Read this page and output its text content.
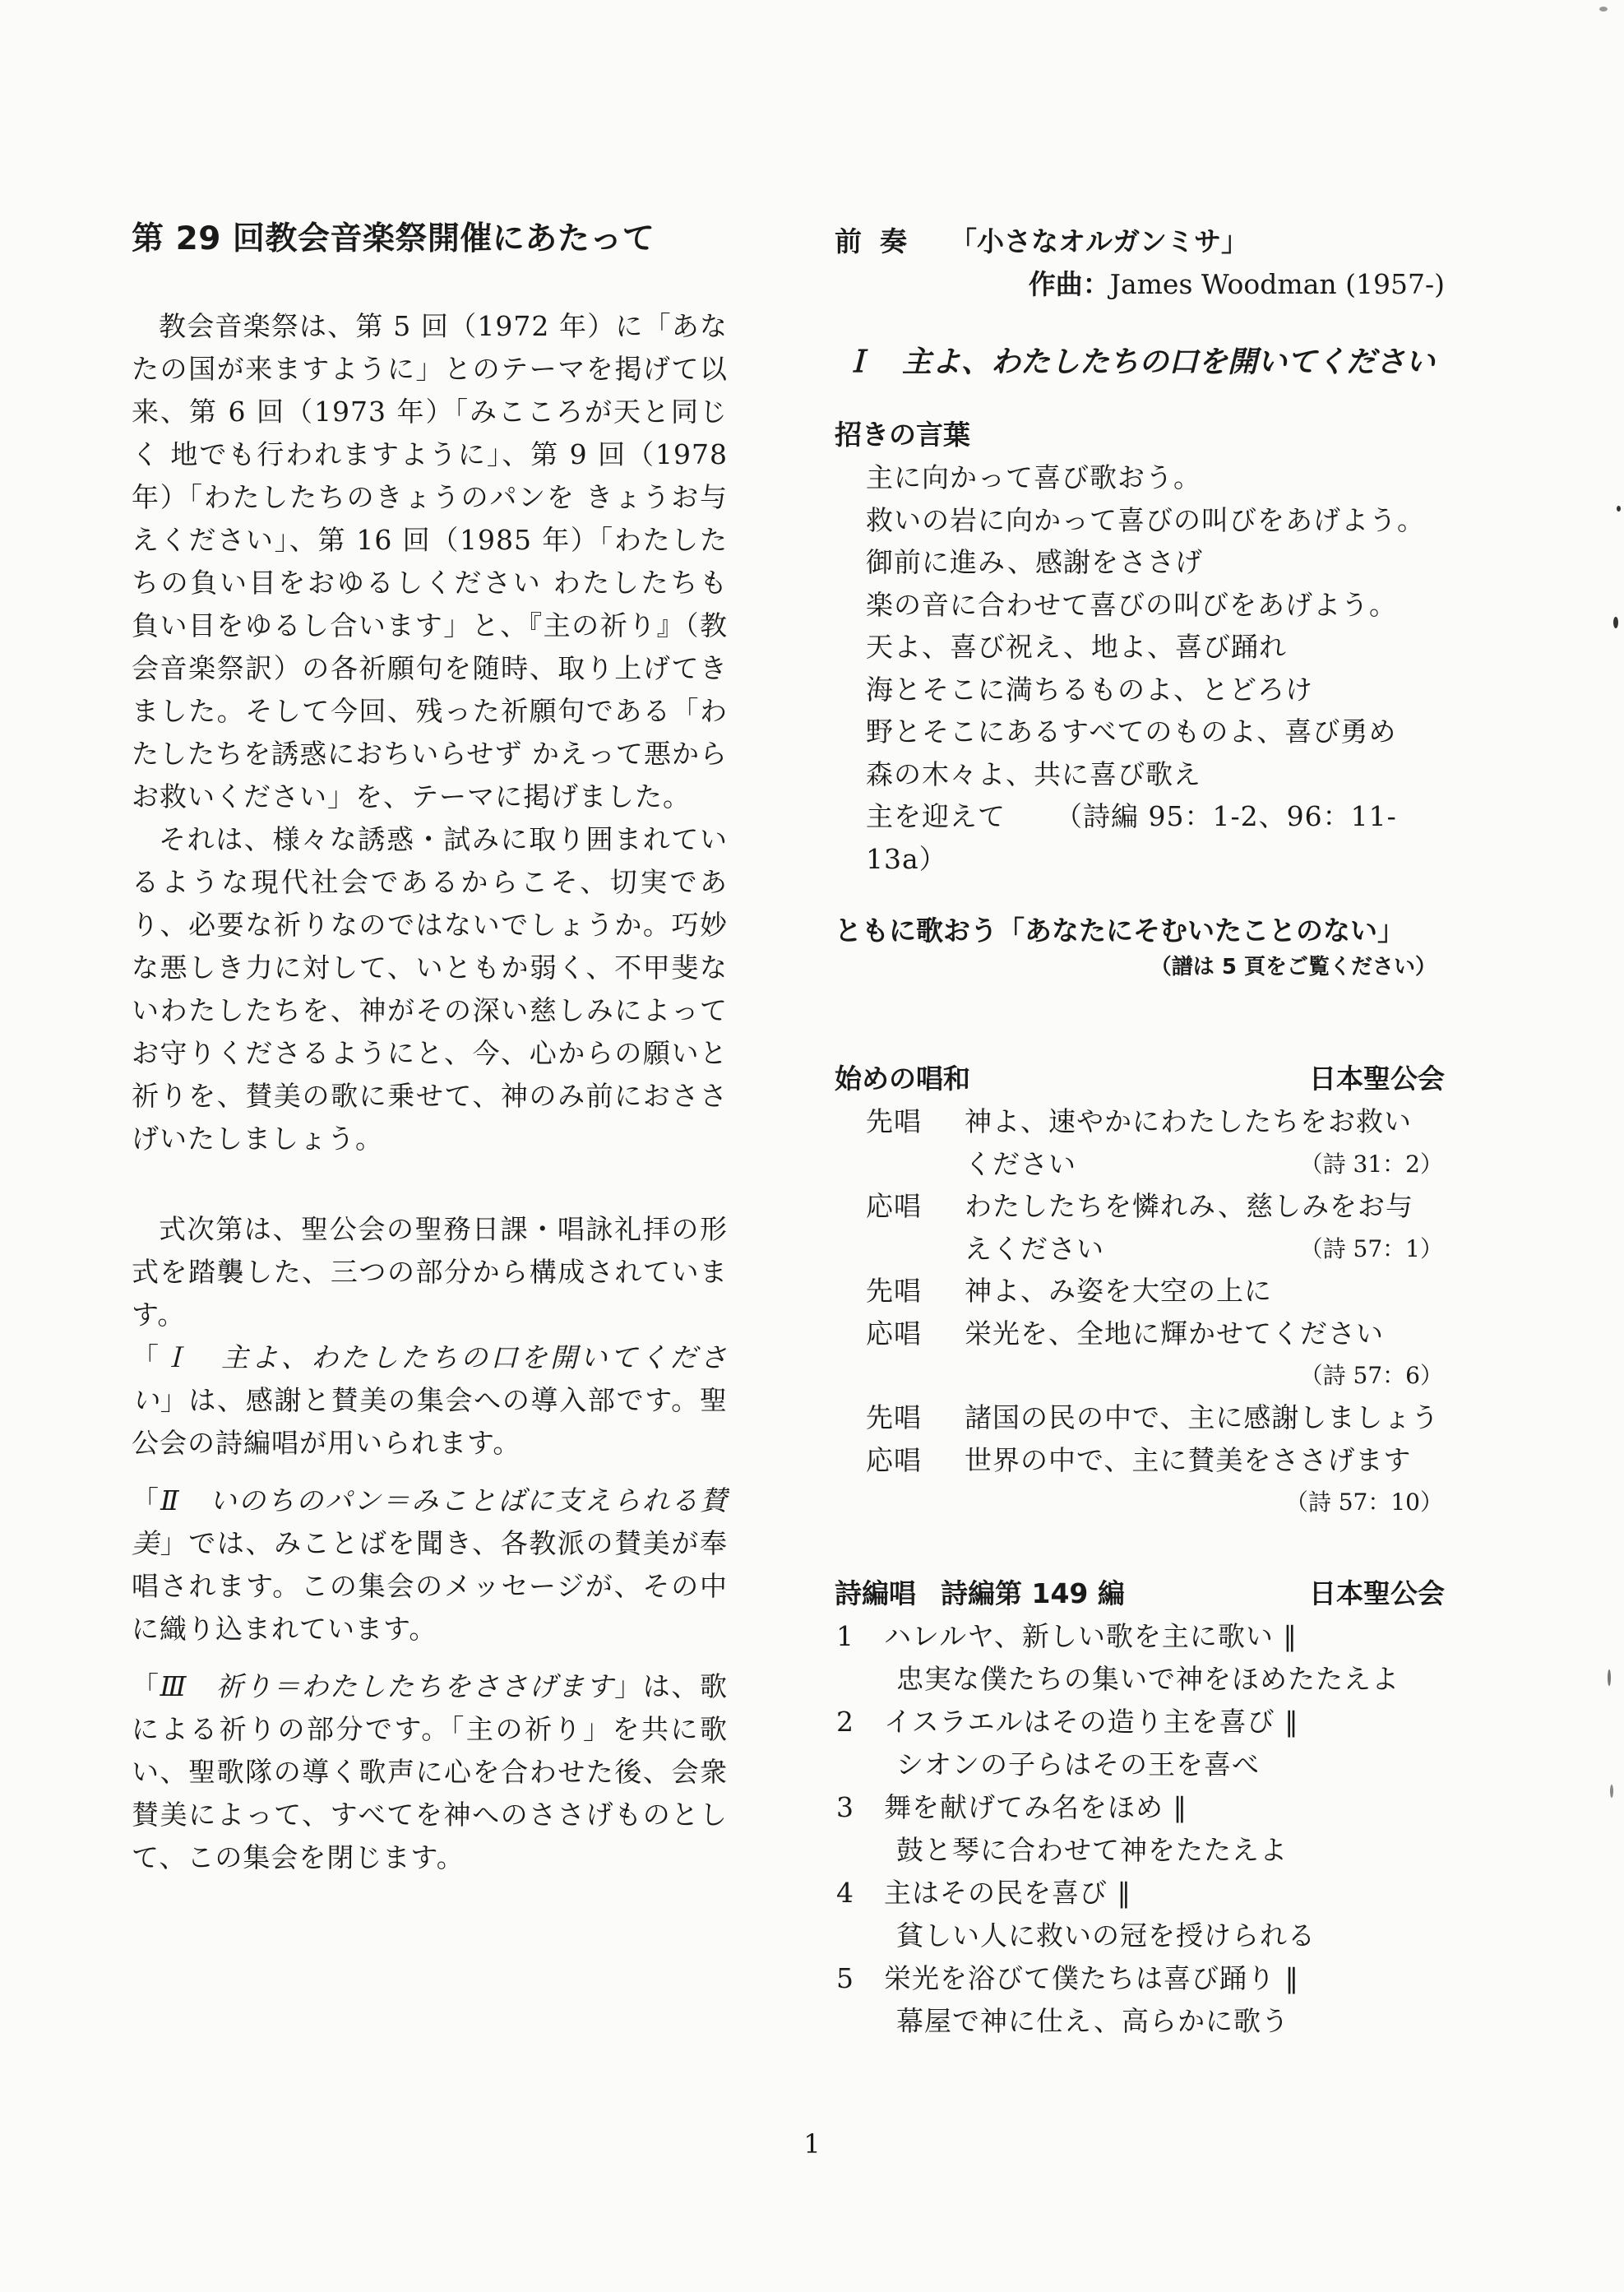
第 29 回教会音楽祭開催にあたって

教会音楽祭は、第 5 回（1972 年）に「あなたの国が来ますように」とのテーマを掲げて以来、第 6 回（1973 年）「みこころが天と同じく 地でも行われますように」、第 9 回（1978 年）「わたしたちのきょうのパンを きょうお与えください」、第 16 回（1985 年）「わたしたちの負い目をおゆるしください わたしたちも負い目をゆるし合います」と、『主の祈り』（教会音楽祭訳）の各祈願句を随時、取り上げてきました。そして今回、残った祈願句である「わたしたちを誘惑におちいらせず かえって悪からお救いください」を、テーマに掲げました。

それは、様々な誘惑・試みに取り囲まれているような現代社会であるからこそ、切実であり、必要な祈りなのではないでしょうか。巧妙な悪しき力に対して、いともか弱く、不甲斐ないわたしたちを、神がその深い慈しみによってお守りくださるようにと、今、心からの願いと祈りを、賛美の歌に乗せて、神のみ前におささげいたしましょう。

式次第は、聖公会の聖務日課・唱詠礼拝の形式を踏襲した、三つの部分から構成されています。

「Ｉ　主よ、わたしたちの口を開いてください」は、感謝と賛美の集会への導入部です。聖公会の詩編唱が用いられます。

「Ⅱ　いのちのパン＝みことばに支えられる賛美」では、みことばを聞き、各教派の賛美が奉唱されます。この集会のメッセージが、その中に織り込まれています。

「Ⅲ　祈り＝わたしたちをささげます」は、歌による祈りの部分です。「主の祈り」を共に歌い、聖歌隊の導く歌声に心を合わせた後、会衆賛美によって、すべてを神へのささげものとして、この集会を閉じます。

前奏 「小さなオルガンミサ」
作曲：James Woodman (1957-)
Ｉ　主よ、わたしたちの口を開いてください
招きの言葉
主に向かって喜び歌おう。
救いの岩に向かって喜びの叫びをあげよう。
御前に進み、感謝をささげ
楽の音に合わせて喜びの叫びをあげよう。
天よ、喜び祝え、地よ、喜び踊れ
海とそこに満ちるものよ、とどろけ
野とそこにあるすべてのものよ、喜び勇め
森の木々よ、共に喜び歌え
主を迎えて （詩編 95：1-2、96：11-13a）
ともに歌おう「あなたにそむいたことのない」
（譜は 5 頁をご覧ください）
始めの唱和	日本聖公会
先唱	神よ、速やかにわたしたちをお救い
ください	（詩 31：2）
応唱	わたしたちを憐れみ、慈しみをお与
えください	（詩 57：1）
先唱	神よ、み姿を大空の上に
応唱	栄光を、全地に輝かせてください
（詩 57：6）
先唱	諸国の民の中で、主に感謝しましょう
応唱	世界の中で、主に賛美をささげます
（詩 57：10）
詩編唱 詩編第 149 編	日本聖公会
1 ハレルヤ、新しい歌を主に歌い ‖
忠実な僕たちの集いで神をほめたたえよ
2 イスラエルはその造り主を喜び ‖
シオンの子らはその王を喜べ
3 舞を献げてみ名をほめ ‖
鼓と琴に合わせて神をたたえよ
4 主はその民を喜び ‖
貧しい人に救いの冠を授けられる
5 栄光を浴びて僕たちは喜び踊り ‖
幕屋で神に仕え、高らかに歌う
1
